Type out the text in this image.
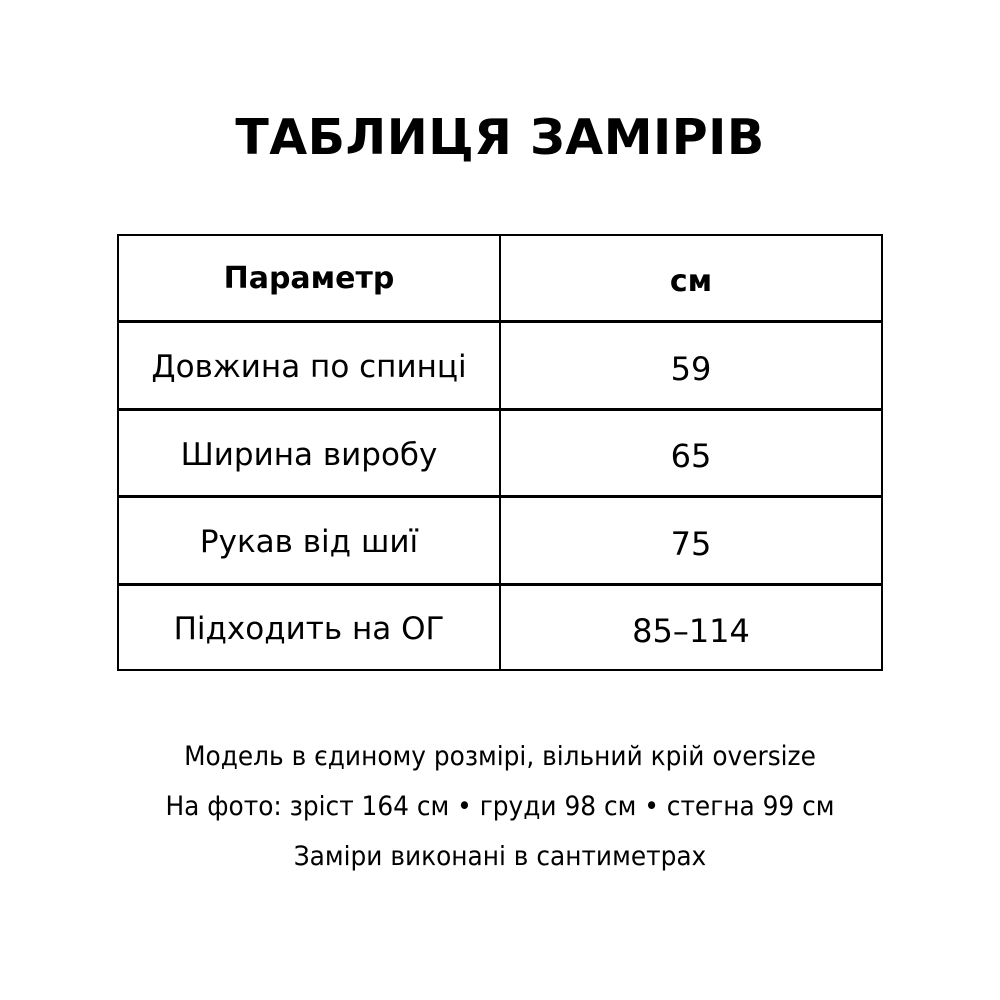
ТАБЛИЦЯ ЗАМІРІВ
Параметр	см
Довжина по спинці	59
Ширина виробу	65
Рукав від шиї	75
Підходить на ОГ	85–114
Модель в єдиному розмірі, вільний крій oversize
На фото: зріст 164 см • груди 98 см • стегна 99 см
Заміри виконані в сантиметрах
